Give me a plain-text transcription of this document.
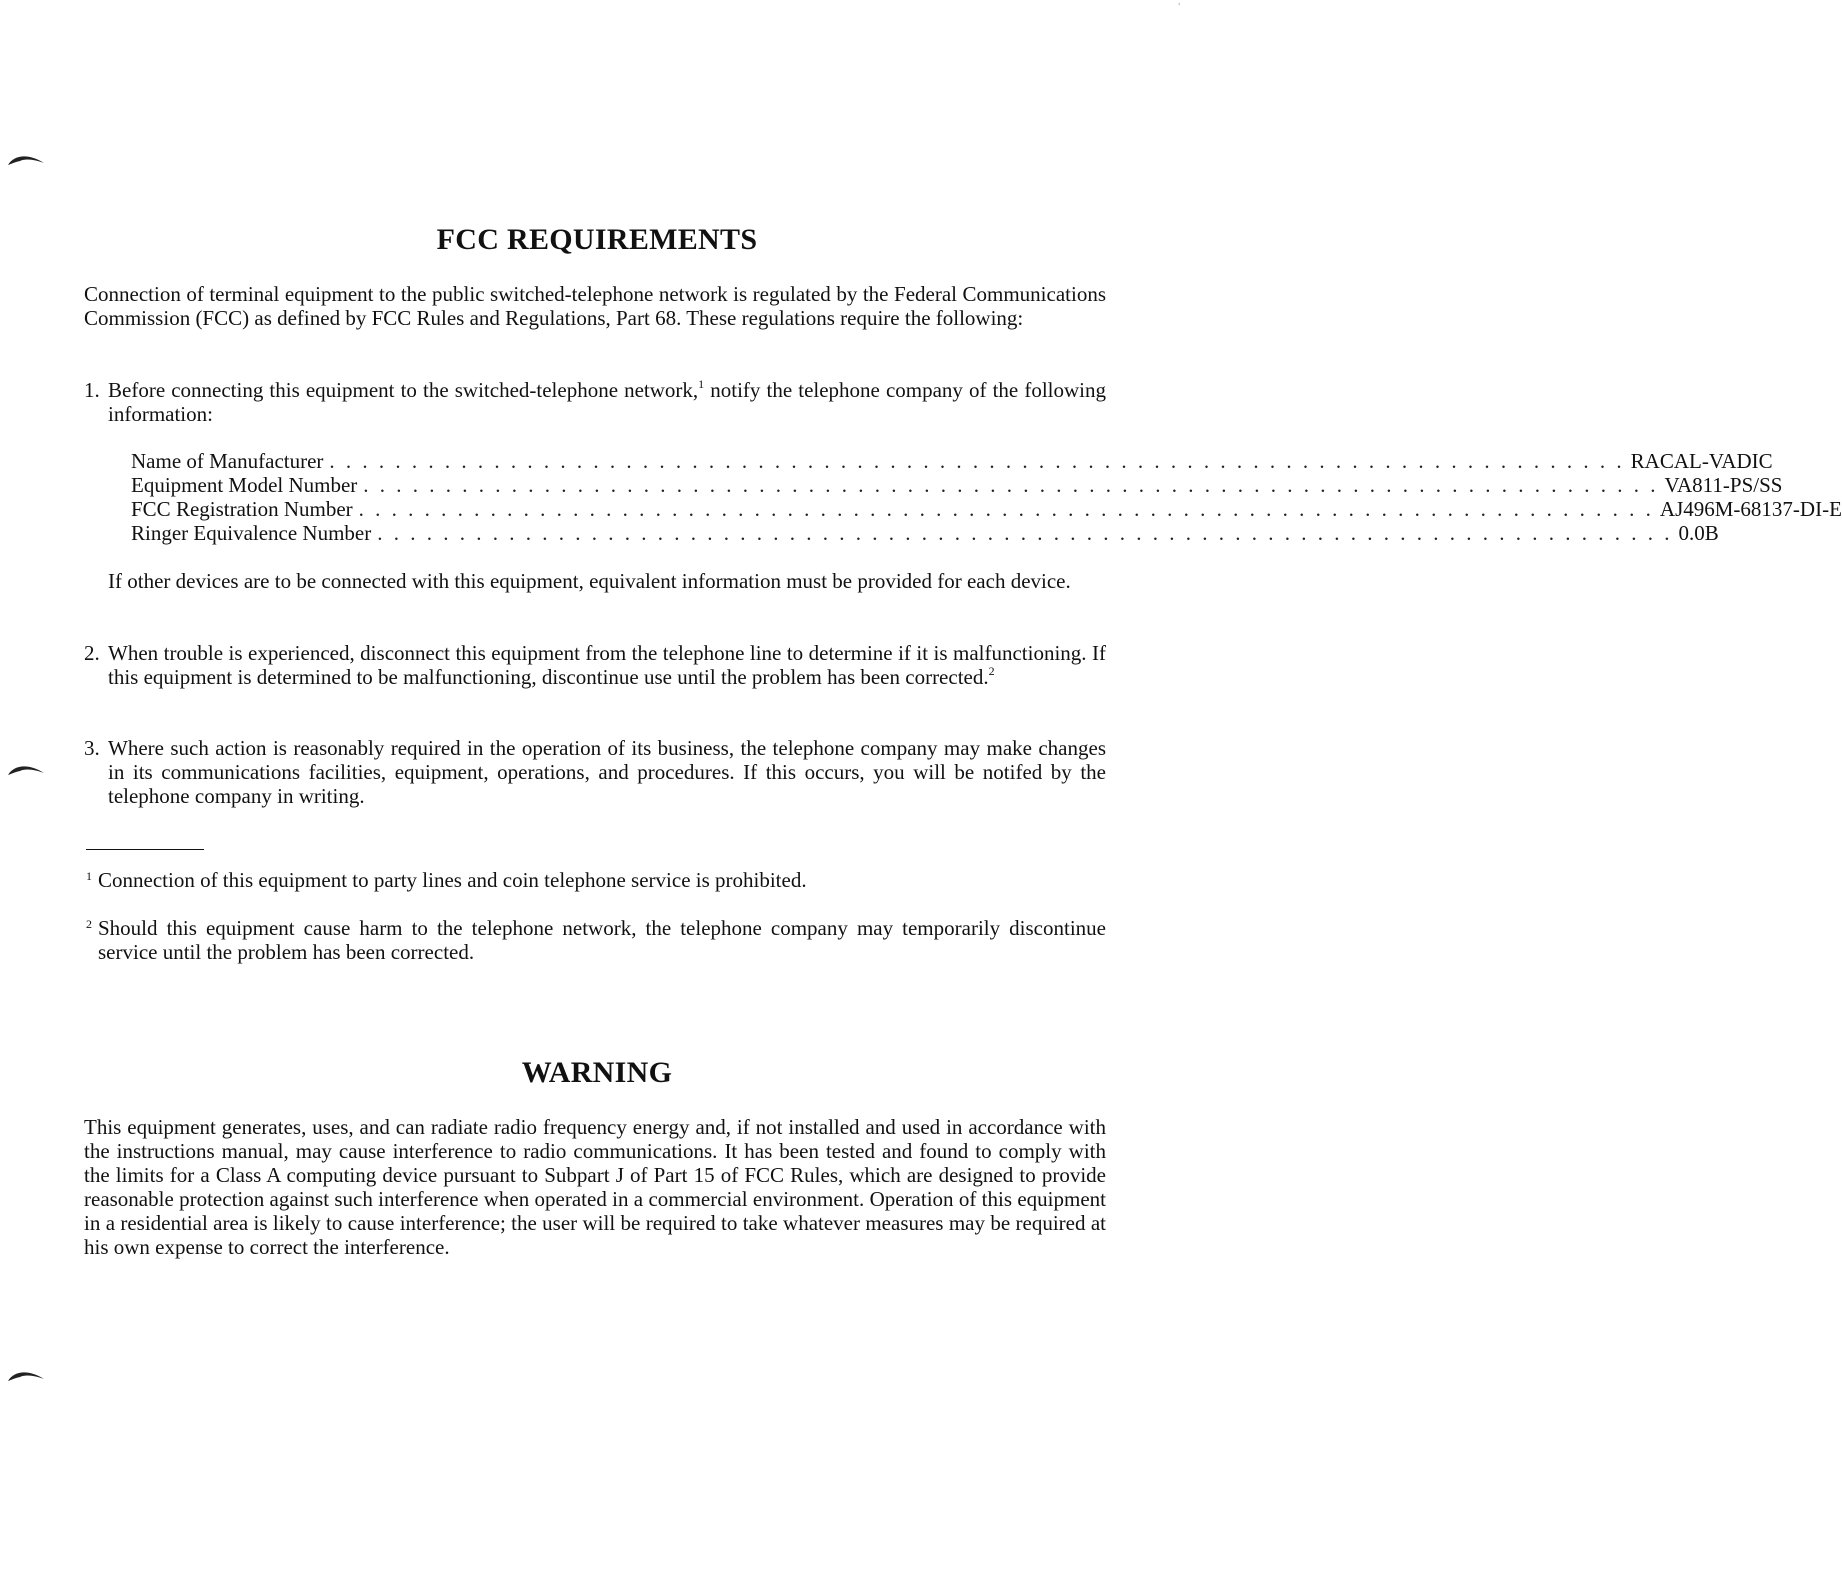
'
FCC REQUIREMENTS

Connection of terminal equipment to the public switched-telephone network is regulated by the Federal Communications Commission (FCC) as defined by FCC Rules and Regulations, Part 68. These regulations require the following:

1. Before connecting this equipment to the switched-telephone network,$^1$ notify the telephone company of the following information:
Name of Manufacturer . . . . . . . . . . . . . . . . . . . . . . . . . . . . . . . . . . . . . . . . . . . . . . . . . . . . . . . . . . . . . . . . . . . . . . . . . . . . . . . RACAL-VADIC
Equipment Model Number . . . . . . . . . . . . . . . . . . . . . . . . . . . . . . . . . . . . . . . . . . . . . . . . . . . . . . . . . . . . . . . . . . . . . . . . . . . . . . . VA811-PS/SS
FCC Registration Number . . . . . . . . . . . . . . . . . . . . . . . . . . . . . . . . . . . . . . . . . . . . . . . . . . . . . . . . . . . . . . . . . . . . . . . . . . . . . . . AJ496M-68137-DI-E
Ringer Equivalence Number . . . . . . . . . . . . . . . . . . . . . . . . . . . . . . . . . . . . . . . . . . . . . . . . . . . . . . . . . . . . . . . . . . . . . . . . . . . . . . . 0.0B

If other devices are to be connected with this equipment, equivalent information must be provided for each device.

2. When trouble is experienced, disconnect this equipment from the telephone line to determine if it is malfunctioning. If this equipment is determined to be malfunctioning, discontinue use until the problem has been corrected.$^2$
3. Where such action is reasonably required in the operation of its business, the telephone company may make changes in its communications facilities, equipment, operations, and procedures. If this occurs, you will be notifed by the telephone company in writing.
1 Connection of this equipment to party lines and coin telephone service is prohibited.
2 Should this equipment cause harm to the telephone network, the telephone company may temporarily discontinue service until the problem has been corrected.
WARNING

This equipment generates, uses, and can radiate radio frequency energy and, if not installed and used in accordance with the instructions manual, may cause interference to radio communications. It has been tested and found to comply with the limits for a Class A computing device pursuant to Subpart J of Part 15 of FCC Rules, which are designed to provide reasonable protection against such interference when operated in a commercial environment. Operation of this equipment in a residential area is likely to cause interference; the user will be required to take whatever measures may be required at his own expense to correct the interference.
